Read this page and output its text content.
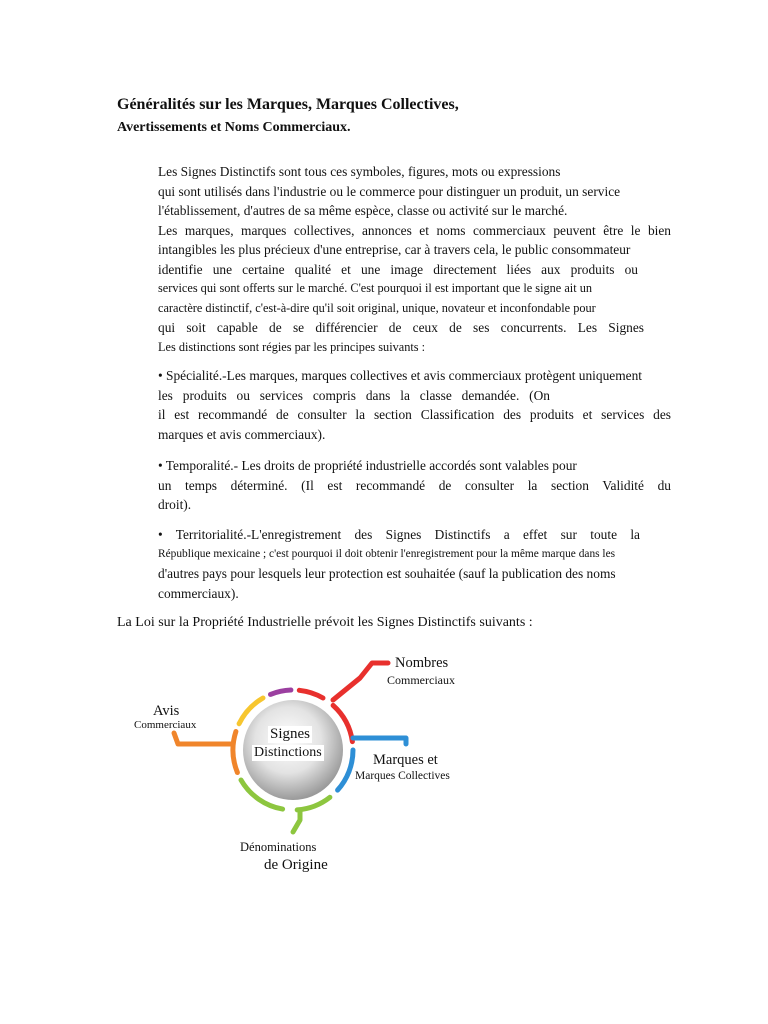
Généralités sur les Marques, Marques Collectives,
Avertissements et Noms Commerciaux.
Les Signes Distinctifs sont tous ces symboles, figures, mots ou expressions
qui sont utilisés dans l'industrie ou le commerce pour distinguer un produit, un service
l'établissement, d'autres de sa même espèce, classe ou activité sur le marché.
Les marques, marques collectives, annonces et noms commerciaux peuvent être le bien
intangibles les plus précieux d'une entreprise, car à travers cela, le public consommateur
identifie une certaine qualité et une image directement liées aux produits ou
services qui sont offerts sur le marché. C'est pourquoi il est important que le signe ait un
caractère distinctif, c'est-à-dire qu'il soit original, unique, novateur et inconfondable pour
qui soit capable de se différencier de ceux de ses concurrents. Les Signes
Les distinctions sont régies par les principes suivants :
• Spécialité.-Les marques, marques collectives et avis commerciaux protègent uniquement
les produits ou services compris dans la classe demandée. (On
il est recommandé de consulter la section Classification des produits et services des
marques et avis commerciaux).
• Temporalité.- Les droits de propriété industrielle accordés sont valables pour
un temps déterminé. (Il est recommandé de consulter la section Validité du
droit).
• Territorialité.-L'enregistrement des Signes Distinctifs a effet sur toute la
République mexicaine ; c'est pourquoi il doit obtenir l'enregistrement pour la même marque dans les
d'autres pays pour lesquels leur protection est souhaitée (sauf la publication des noms
commerciaux).
La Loi sur la Propriété Industrielle prévoit les Signes Distinctifs suivants :
Signes
Distinctions
Nombres
Commerciaux
Marques et
Marques Collectives
Dénominations
de Origine
Avis
Commerciaux
